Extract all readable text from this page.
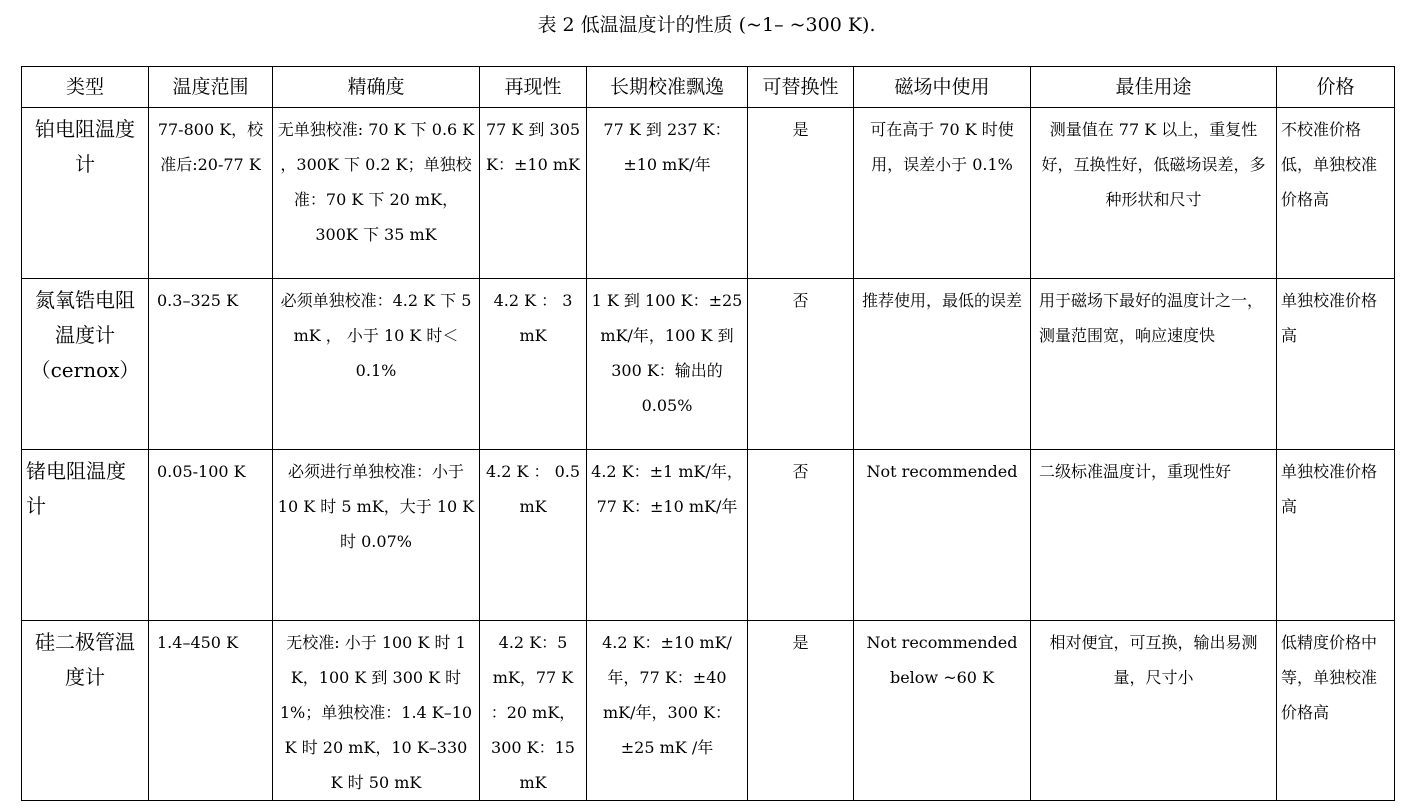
表 2 低温温度计的性质 (~1– ~300 K).
类型	温度范围	精确度	再现性	长期校准飘逸	可替换性	磁场中使用	最佳用途	价格
铂电阻温度计	77-800 K，校准后:20-77 K	无单独校准: 70 K 下 0.6 K ，300K 下 0.2 K；单独校准：70 K 下 20 mK，300K 下 35 mK	77 K 到 305 K：±10 mK	77 K 到 237 K：±10 mK/年	是	可在高于 70 K 时使用，误差小于 0.1%	测量值在 77 K 以上，重复性好，互换性好，低磁场误差，多种形状和尺寸	不校准价格低，单独校准价格高
氮氧锆电阻温度计（cernox）	0.3–325 K	必须单独校准：4.2 K 下 5 mK ， 小于 10 K 时＜0.1%	4.2 K ： 3 mK	1 K 到 100 K：±25 mK/年，100 K 到 300 K：输出的 0.05%	否	推荐使用，最低的误差	用于磁场下最好的温度计之一，测量范围宽，响应速度快	单独校准价格高
锗电阻温度计	0.05-100 K	必须进行单独校准：小于 10 K 时 5 mK，大于 10 K 时 0.07%	4.2 K ： 0.5 mK	4.2 K：±1 mK/年，77 K：±10 mK/年	否	Not recommended	二级标准温度计，重现性好	单独校准价格高
硅二极管温度计	1.4–450 K	无校准: 小于 100 K 时 1 K，100 K 到 300 K 时 1%；单独校准：1.4 K–10 K 时 20 mK，10 K–330 K 时 50 mK	4.2 K：5 mK，77 K ：20 mK，300 K：15 mK	4.2 K：±10 mK/年，77 K：±40 mK/年，300 K：±25 mK /年	是	Not recommended below ~60 K	相对便宜，可互换，输出易测量，尺寸小	低精度价格中等，单独校准价格高
